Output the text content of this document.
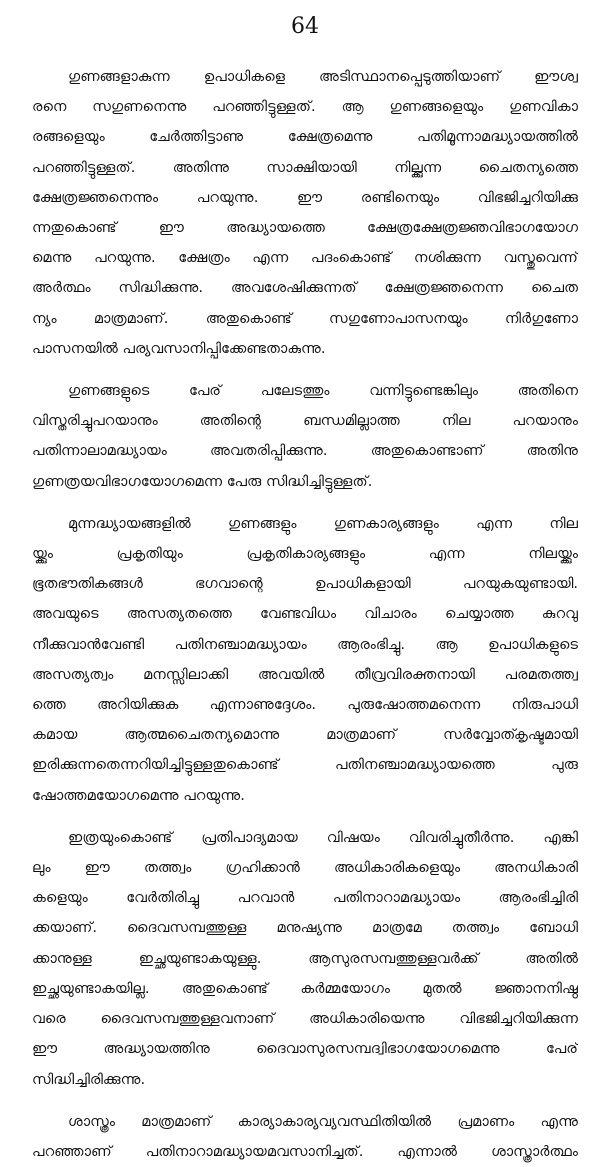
64
ഗുണങ്ങളാകുന്ന ഉപാധികളെ അടിസ്ഥാനപ്പെടുത്തിയാണ് ഈശ്വ
രനെ സഗുണനെന്നു പറഞ്ഞിട്ടുള്ളത്. ആ ഗുണങ്ങളെയും ഗുണവികാ
രങ്ങളെയും ചേർത്തിട്ടാണു ക്ഷേത്രമെന്നു പതിമൂന്നാമദ്ധ്യായത്തിൽ
പറഞ്ഞിട്ടുള്ളത്. അതിന്നു സാക്ഷിയായി നില്ക്കുന്ന ചൈതന്യത്തെ
ക്ഷേത്രജ്ഞനെന്നും പറയുന്നു. ഈ രണ്ടിനെയും വിഭജിച്ചറിയിക്കു
ന്നതുകൊണ്ട് ഈ അദ്ധ്യായത്തെ ക്ഷേത്രക്ഷേത്രജ്ഞവിഭാഗയോഗ
മെന്നു പറയുന്നു. ക്ഷേത്രം എന്ന പദംകൊണ്ട് നശിക്കുന്ന വസ്തുവെന്ന്
അർത്ഥം സിദ്ധിക്കുന്നു. അവശേഷിക്കുന്നത് ക്ഷേത്രജ്ഞനെന്ന ചൈത
ന്യം മാത്രമാണ്. അതുകൊണ്ട് സഗുണോപാസനയും നിർഗുണോ
പാസനയിൽ പര്യവസാനിപ്പിക്കേണ്ടതാകുന്നു.
ഗുണങ്ങളുടെ പേര് പലേടത്തും വന്നിട്ടുണ്ടെങ്കിലും അതിനെ
വിസ്തരിച്ചുപറയാനും അതിന്റെ ബന്ധമില്ലാത്ത നില പറയാനും
പതിന്നാലാമദ്ധ്യായം അവതരിപ്പിക്കുന്നു. അതുകൊണ്ടാണ് അതിനു
ഗുണത്രയവിഭാഗയോഗമെന്ന പേരു സിദ്ധിച്ചിട്ടുള്ളത്.
മുന്നദ്ധ്യായങ്ങളിൽ ഗുണങ്ങളും ഗുണകാര്യങ്ങളും എന്ന നില
യ്ക്കും പ്രകൃതിയും പ്രകൃതികാര്യങ്ങളും എന്ന നിലയ്ക്കും
ഭൂതഭൗതികങ്ങൾ ഭഗവാന്റെ ഉപാധികളായി പറയുകയുണ്ടായി.
അവയുടെ അസത്യതത്തെ വേണ്ടവിധം വിചാരം ചെയ്യാത്ത കുറവു
നീക്കുവാൻവേണ്ടി പതിനഞ്ചാമദ്ധ്യായം ആരംഭിച്ചു. ആ ഉപാധികളുടെ
അസത്യത്വം മനസ്സിലാക്കി അവയിൽ തീവ്രവിരക്തനായി പരമതത്ത്വ
ത്തെ അറിയിക്കുക എന്നാണുദ്ദേശം. പുരുഷോത്തമനെന്ന നിരുപാധി
കമായ ആത്മചൈതന്യമൊന്നു മാത്രമാണ് സർവ്വോത്കൃഷ്ടമായി
ഇരിക്കുന്നതെന്നറിയിച്ചിട്ടുള്ളതുകൊണ്ട് പതിനഞ്ചാമദ്ധ്യായത്തെ പുരു
ഷോത്തമയോഗമെന്നു പറയുന്നു.
ഇത്രയുംകൊണ്ട് പ്രതിപാദ്യമായ വിഷയം വിവരിച്ചുതീർന്നു. എങ്കി
ലും ഈ തത്ത്വം ഗ്രഹിക്കാൻ അധികാരികളെയും അനധികാരി
കളെയും വേർതിരിച്ചു പറവാൻ പതിനാറാമദ്ധ്യായം ആരംഭിച്ചിരി
ക്കയാണ്. ദൈവസമ്പത്തുള്ള മനുഷ്യന്നു മാത്രമേ തത്ത്വം ബോധി
ക്കാനുള്ള ഇച്ഛയുണ്ടാകയുള്ളു. ആസുരസമ്പത്തുള്ളവർക്ക് അതിൽ
ഇച്ഛയുണ്ടാകയില്ല. അതുകൊണ്ട് കർമ്മയോഗം മുതൽ ജ്ഞാനനിഷ്ഠ
വരെ ദൈവസമ്പത്തുള്ളവനാണ് അധികാരിയെന്നു വിഭജിച്ചറിയിക്കുന്ന
ഈ അദ്ധ്യായത്തിനു ദൈവാസുരസമ്പദ്വിഭാഗയോഗമെന്നു പേര്
സിദ്ധിച്ചിരിക്കുന്നു.
ശാസ്ത്രം മാത്രമാണ് കാര്യാകാര്യവ്യവസ്ഥിതിയിൽ പ്രമാണം എന്നു
പറഞ്ഞാണ് പതിനാറാമദ്ധ്യായമവസാനിച്ചത്. എന്നാൽ ശാസ്ത്രാർത്ഥം
